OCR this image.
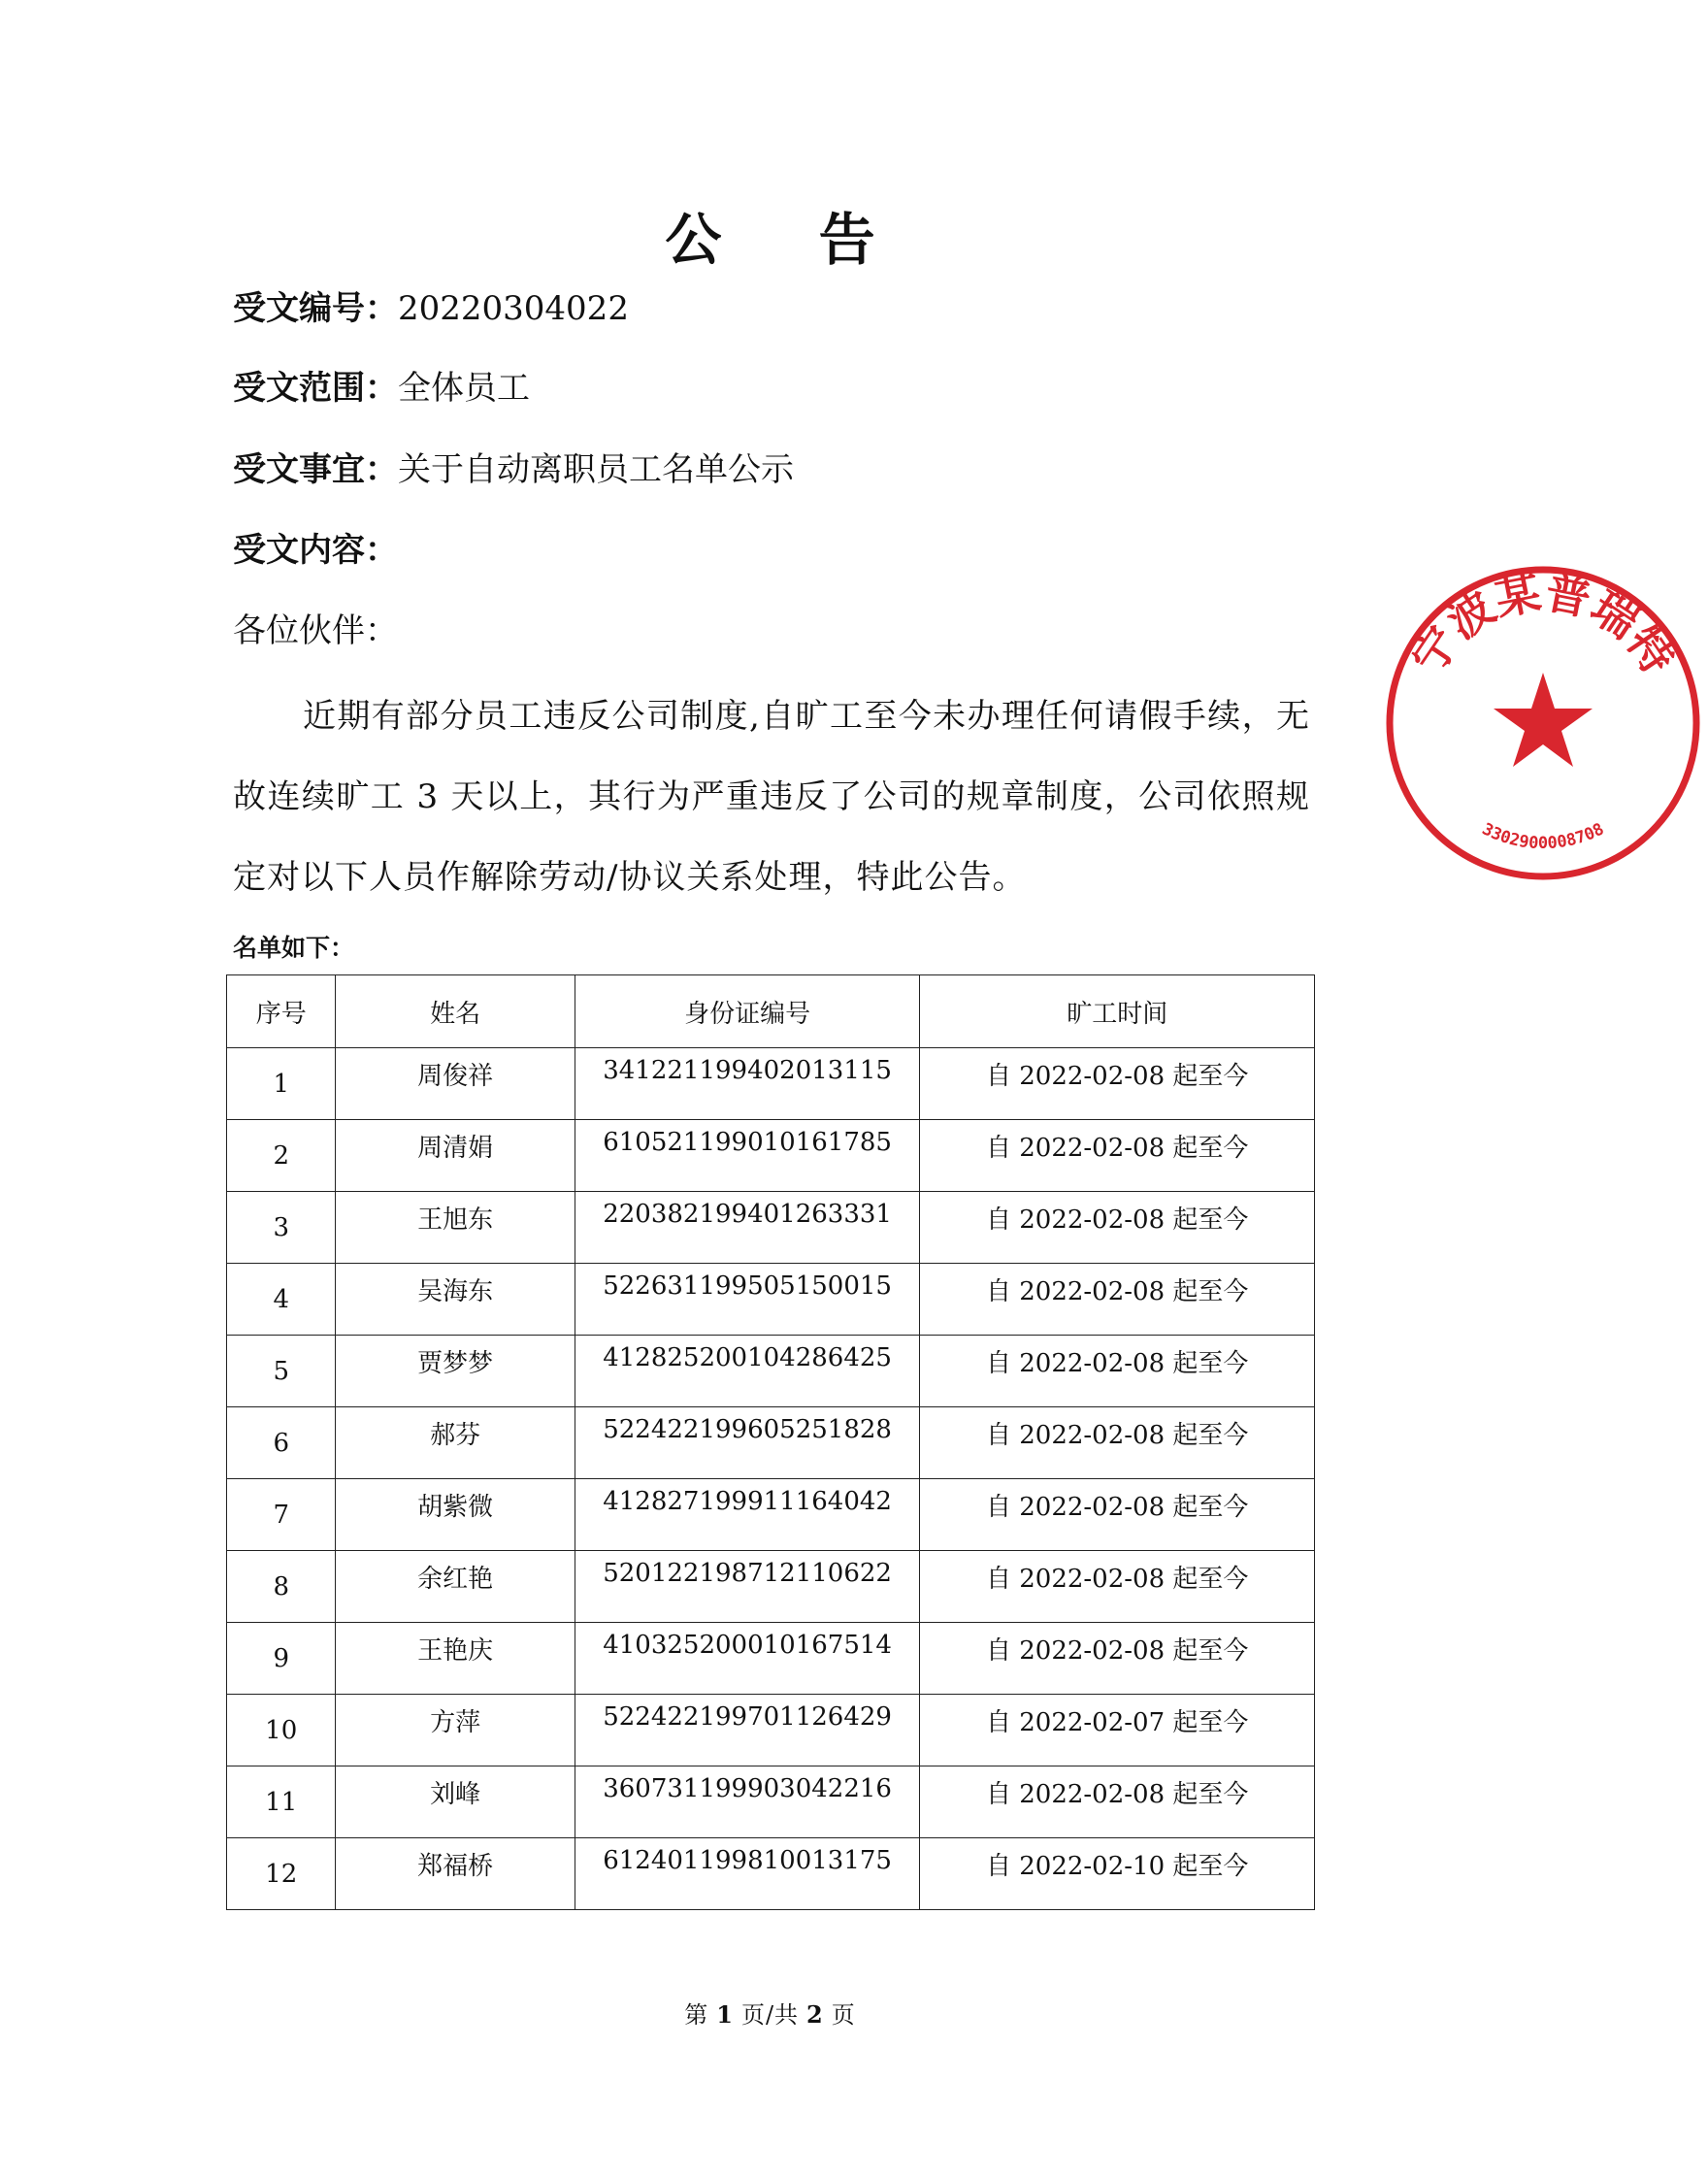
公 告
受文编号：20220304022
受文范围：全体员工
受文事宜：关于自动离职员工名单公示
受文内容：
各位伙伴：
近期有部分员工违反公司制度,自旷工至今未办理任何请假手续，无故连续旷工 3 天以上，其行为严重违反了公司的规章制度，公司依照规定对以下人员作解除劳动/协议关系处理，特此公告。
名单如下：
序号	姓名	身份证编号	旷工时间
1	周俊祥	341221199402013115	自 2022-02-08 起至今
2	周清娟	610521199010161785	自 2022-02-08 起至今
3	王旭东	220382199401263331	自 2022-02-08 起至今
4	吴海东	522631199505150015	自 2022-02-08 起至今
5	贾梦梦	412825200104286425	自 2022-02-08 起至今
6	郝芬	522422199605251828	自 2022-02-08 起至今
7	胡紫微	412827199911164042	自 2022-02-08 起至今
8	余红艳	520122198712110622	自 2022-02-08 起至今
9	王艳庆	410325200010167514	自 2022-02-08 起至今
10	方萍	522422199701126429	自 2022-02-07 起至今
11	刘峰	360731199903042216	自 2022-02-08 起至今
12	郑福桥	612401199810013175	自 2022-02-10 起至今
第 1 页/共 2 页
宁波某普瑞特
3302900008708
